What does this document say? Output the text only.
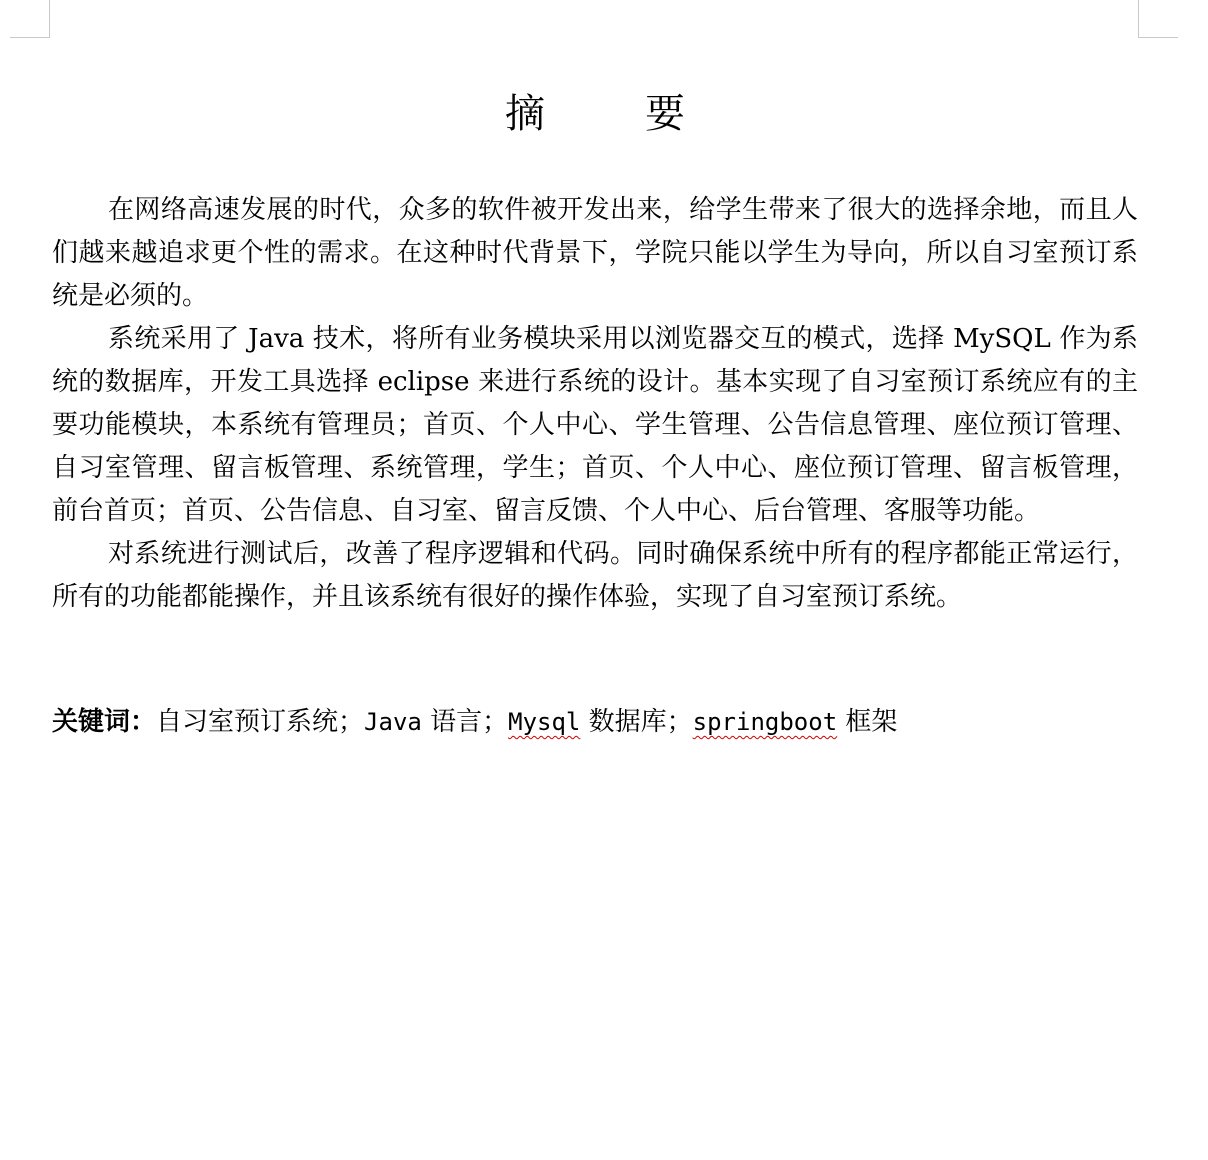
摘　要

在网络高速发展的时代，众多的软件被开发出来，给学生带来了很大的选择余地，而且人们越来越追求更个性的需求。在这种时代背景下，学院只能以学生为导向，所以自习室预订系统是必须的。

系统采用了 Java 技术，将所有业务模块采用以浏览器交互的模式，选择 MySQL 作为系统的数据库，开发工具选择 eclipse 来进行系统的设计。基本实现了自习室预订系统应有的主要功能模块，本系统有管理员；首页、个人中心、学生管理、公告信息管理、座位预订管理、自习室管理、留言板管理、系统管理，学生；首页、个人中心、座位预订管理、留言板管理，前台首页；首页、公告信息、自习室、留言反馈、个人中心、后台管理、客服等功能。

对系统进行测试后，改善了程序逻辑和代码。同时确保系统中所有的程序都能正常运行，所有的功能都能操作，并且该系统有很好的操作体验，实现了自习室预订系统。

关键词：自习室预订系统；Java 语言；Mysql 数据库；springboot 框架
